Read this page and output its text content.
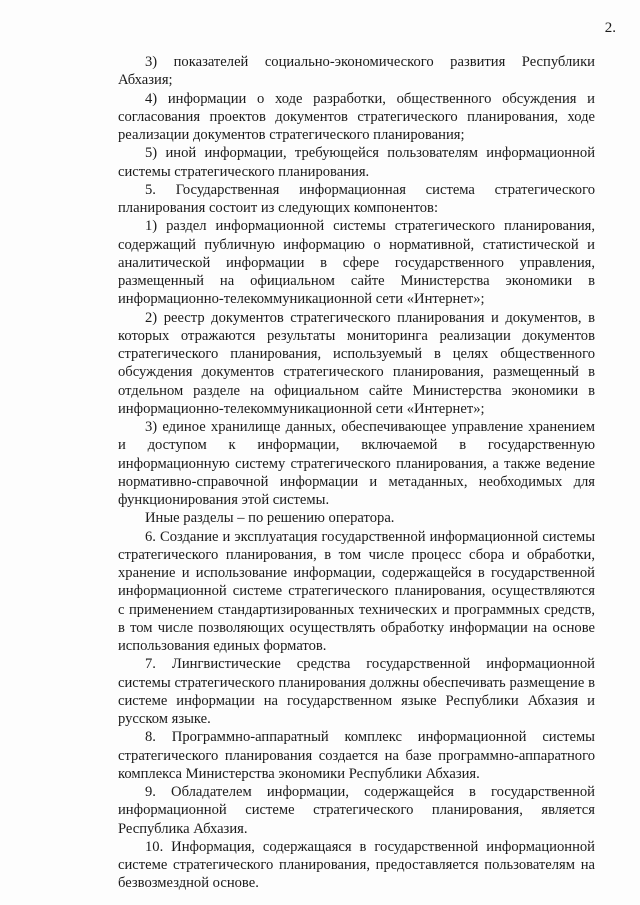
2.

3) показателей социально-экономического развития Республики Абхазия;

4) информации о ходе разработки, общественного обсуждения и согласования проектов документов стратегического планирования, ходе реализации документов стратегического планирования;

5) иной информации, требующейся пользователям информационной системы стратегического планирования.

5. Государственная информационная система стратегического планирования состоит из следующих компонентов:

1) раздел информационной системы стратегического планирования, содержащий публичную информацию о нормативной, статистической и аналитической информации в сфере государственного управления, размещенный на официальном сайте Министерства экономики в информационно-телекоммуникационной сети «Интернет»;

2) реестр документов стратегического планирования и документов, в которых отражаются результаты мониторинга реализации документов стратегического планирования, используемый в целях общественного обсуждения документов стратегического планирования, размещенный в отдельном разделе на официальном сайте Министерства экономики в информационно-телекоммуникационной сети «Интернет»;

3) единое хранилище данных, обеспечивающее управление хранением и доступом к информации, включаемой в государственную информационную систему стратегического планирования, а также ведение нормативно-справочной информации и метаданных, необходимых для функционирования этой системы.

Иные разделы – по решению оператора.

6. Создание и эксплуатация государственной информационной системы стратегического планирования, в том числе процесс сбора и обработки, хранение и использование информации, содержащейся в государственной информационной системе стратегического планирования, осуществляются с применением стандартизированных технических и программных средств, в том числе позволяющих осуществлять обработку информации на основе использования единых форматов.

7. Лингвистические средства государственной информационной системы стратегического планирования должны обеспечивать размещение в системе информации на государственном языке Республики Абхазия и русском языке.

8. Программно-аппаратный комплекс информационной системы стратегического планирования создается на базе программно-аппаратного комплекса Министерства экономики Республики Абхазия.

9. Обладателем информации, содержащейся в государственной информационной системе стратегического планирования, является Республика Абхазия.

10. Информация, содержащаяся в государственной информационной системе стратегического планирования, предоставляется пользователям на безвозмездной основе.
